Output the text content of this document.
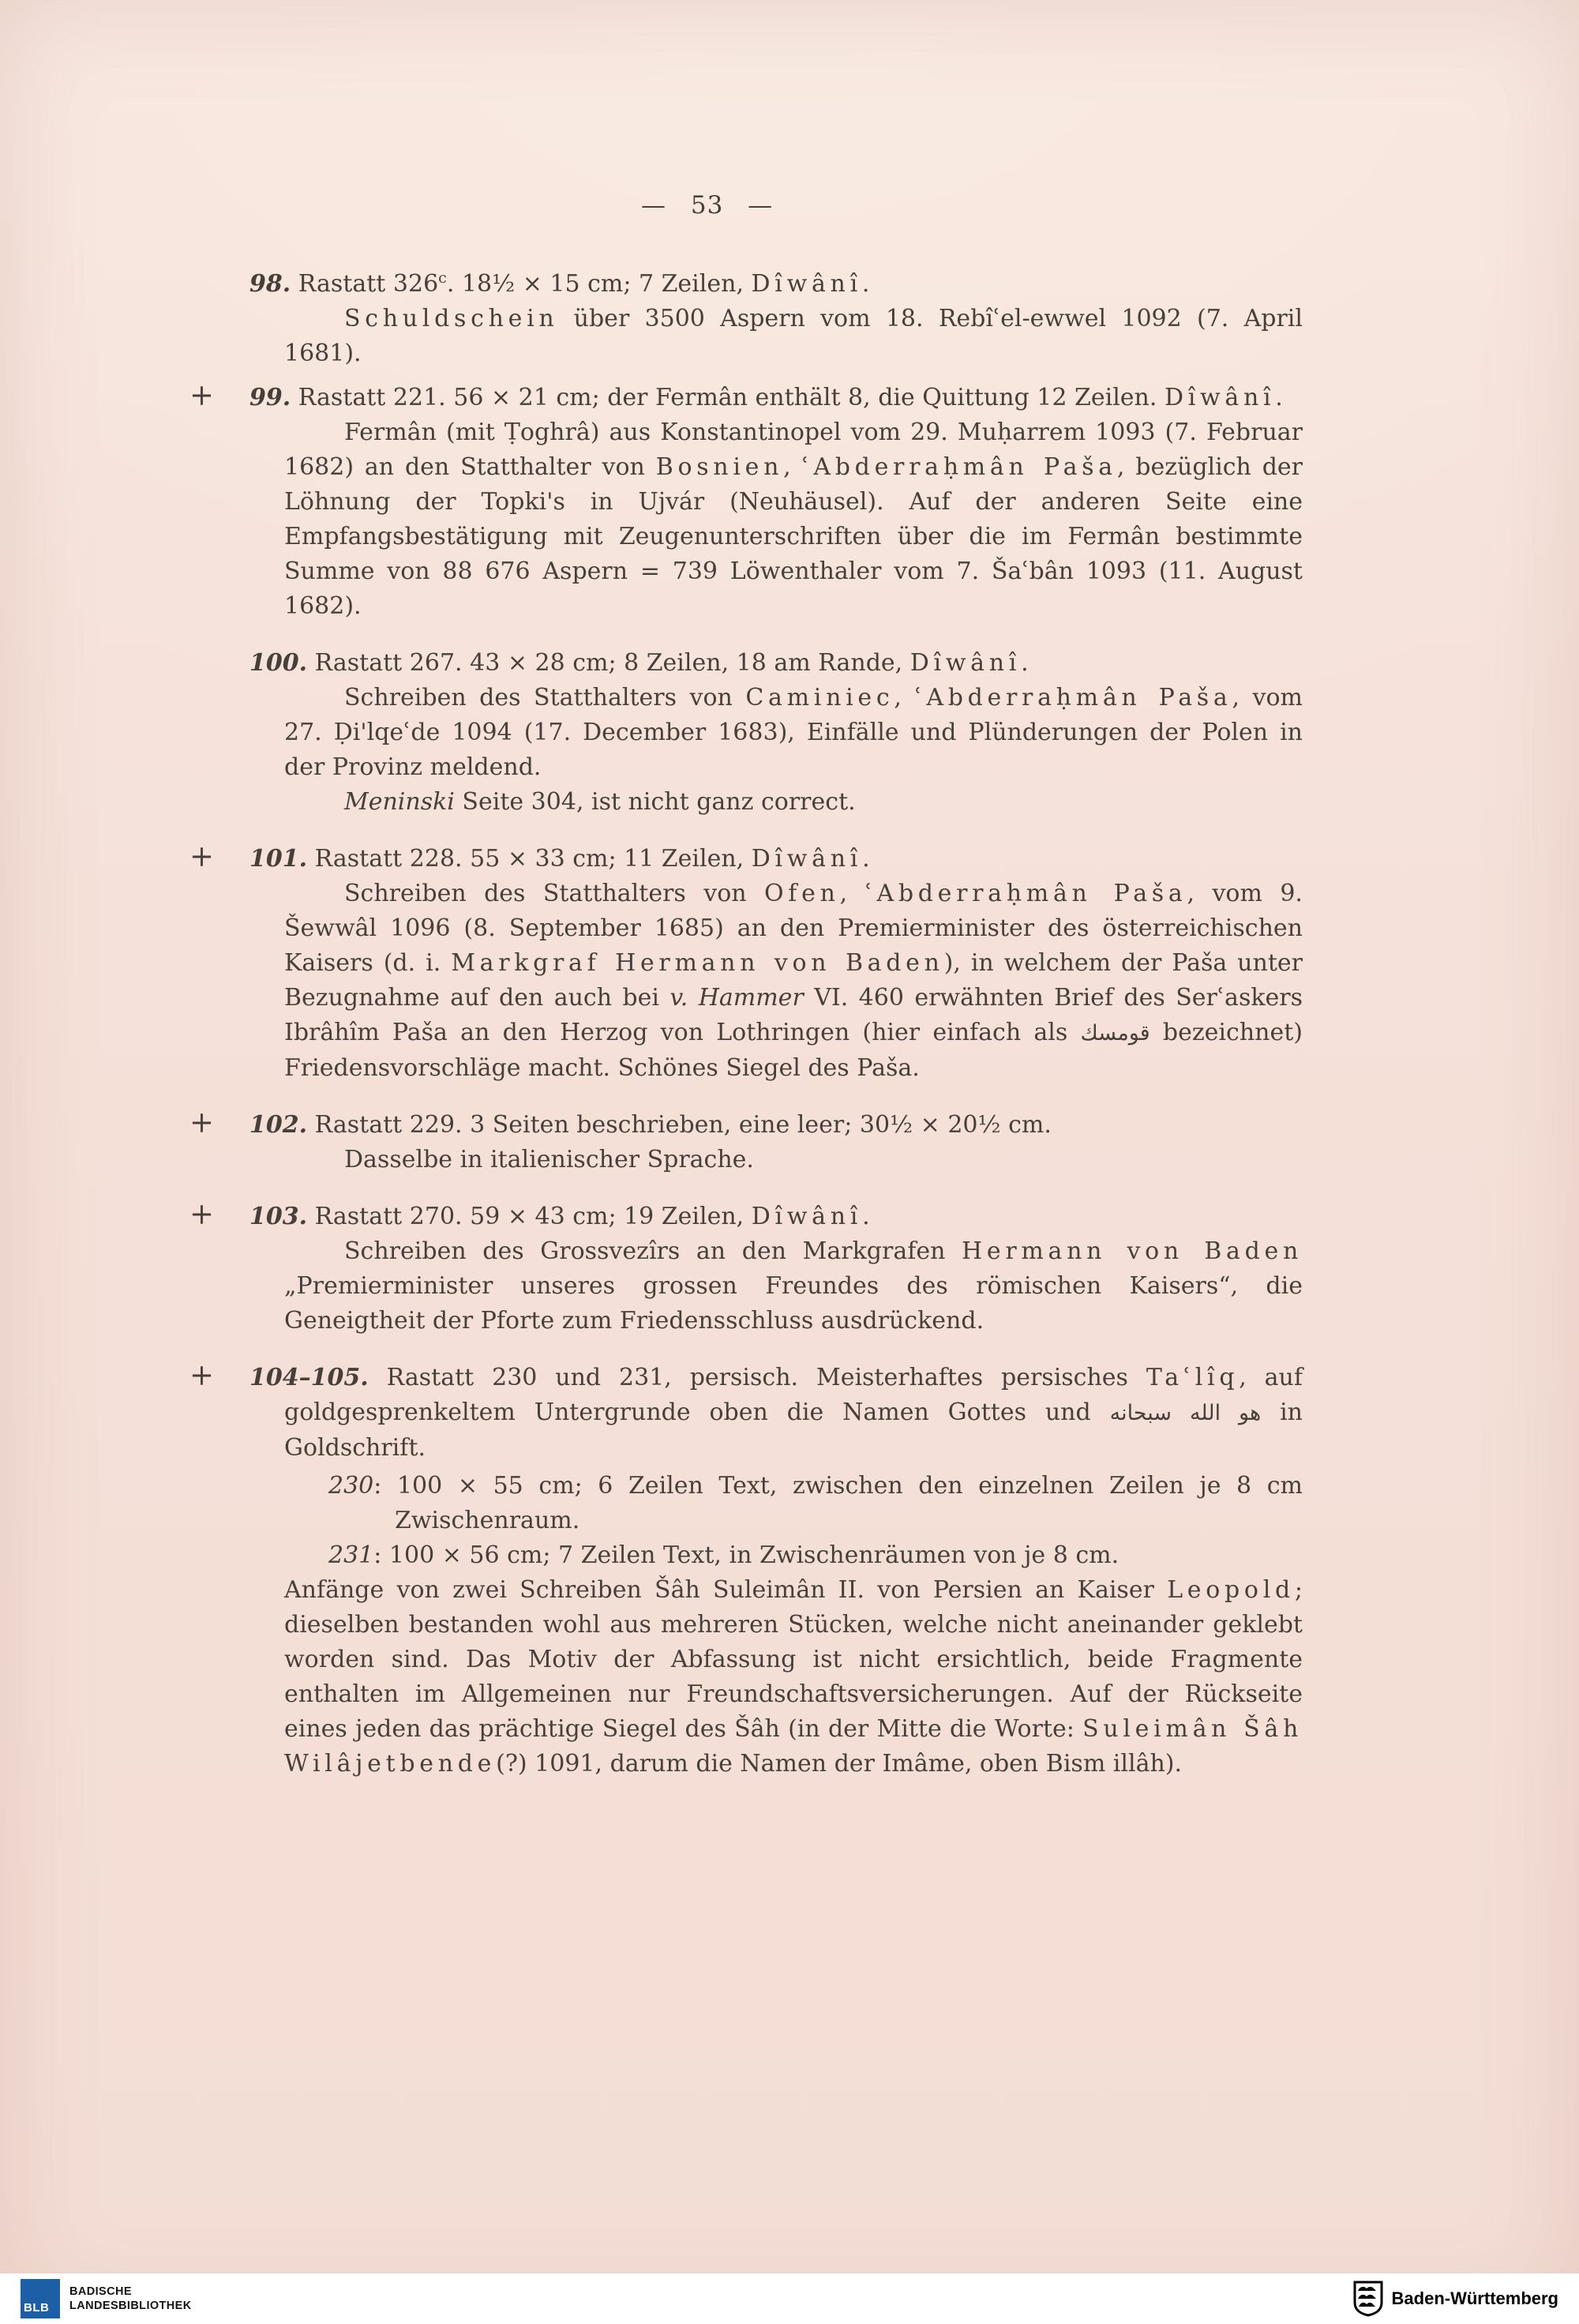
— 53 —
98. Rastatt 326$^c$. 18½ × 15 cm; 7 Zeilen, Dîwânî.

Schuldschein über 3500 Aspern vom 18. Rebîʿel-ewwel 1092 (7. April 1681).

+ 99. Rastatt 221. 56 × 21 cm; der Fermân enthält 8, die Quittung 12 Zeilen. Dîwânî.

Fermân (mit Ṭoghrâ) aus Konstantinopel vom 29. Muḥarrem 1093 (7. Februar 1682) an den Statthalter von Bosnien, ʿAbderraḥmân Paša, bezüglich der Löhnung der Topki's in Ujvár (Neuhäusel). Auf der anderen Seite eine Empfangsbestätigung mit Zeugenunterschriften über die im Fermân bestimmte Summe von 88 676 Aspern = 739 Löwenthaler vom 7. Šaʿbân 1093 (11. August 1682).

100. Rastatt 267. 43 × 28 cm; 8 Zeilen, 18 am Rande, Dîwânî.

Schreiben des Statthalters von Caminiec, ʿAbderraḥmân Paša, vom 27. Ḍi'lqeʿde 1094 (17. December 1683), Einfälle und Plünderungen der Polen in der Provinz meldend.

Meninski Seite 304, ist nicht ganz correct.

+ 101. Rastatt 228. 55 × 33 cm; 11 Zeilen, Dîwânî.

Schreiben des Statthalters von Ofen, ʿAbderraḥmân Paša, vom 9. Šewwâl 1096 (8. September 1685) an den Premierminister des österreichischen Kaisers (d. i. Markgraf Hermann von Baden), in welchem der Paša unter Bezugnahme auf den auch bei v. Hammer VI. 460 erwähnten Brief des Serʿaskers Ibrâhîm Paša an den Herzog von Lothringen (hier einfach als قومسك bezeichnet) Friedensvorschläge macht. Schönes Siegel des Paša.

+ 102. Rastatt 229. 3 Seiten beschrieben, eine leer; 30½ × 20½ cm.

Dasselbe in italienischer Sprache.

+ 103. Rastatt 270. 59 × 43 cm; 19 Zeilen, Dîwânî.

Schreiben des Grossvezîrs an den Markgrafen Hermann von Baden „Premierminister unseres grossen Freundes des römischen Kaisers“, die Geneigtheit der Pforte zum Friedensschluss ausdrückend.

+ 104–105. Rastatt 230 und 231, persisch. Meisterhaftes persisches Taʿlîq, auf goldgesprenkeltem Untergrunde oben die Namen Gottes und هو الله سبحانه in Goldschrift.

230: 100 × 55 cm; 6 Zeilen Text, zwischen den einzelnen Zeilen je 8 cm Zwischenraum.

231: 100 × 56 cm; 7 Zeilen Text, in Zwischenräumen von je 8 cm.

Anfänge von zwei Schreiben Šâh Suleimân II. von Persien an Kaiser Leopold; dieselben bestanden wohl aus mehreren Stücken, welche nicht aneinander geklebt worden sind. Das Motiv der Abfassung ist nicht ersichtlich, beide Fragmente enthalten im Allgemeinen nur Freundschaftsversicherungen. Auf der Rückseite eines jeden das prächtige Siegel des Šâh (in der Mitte die Worte: Suleimân Šâh Wilâjetbende(?) 1091, darum die Namen der Imâme, oben Bism illâh).

BLB
BADISCHE
LANDESBIBLIOTHEK	Baden-Württemberg
